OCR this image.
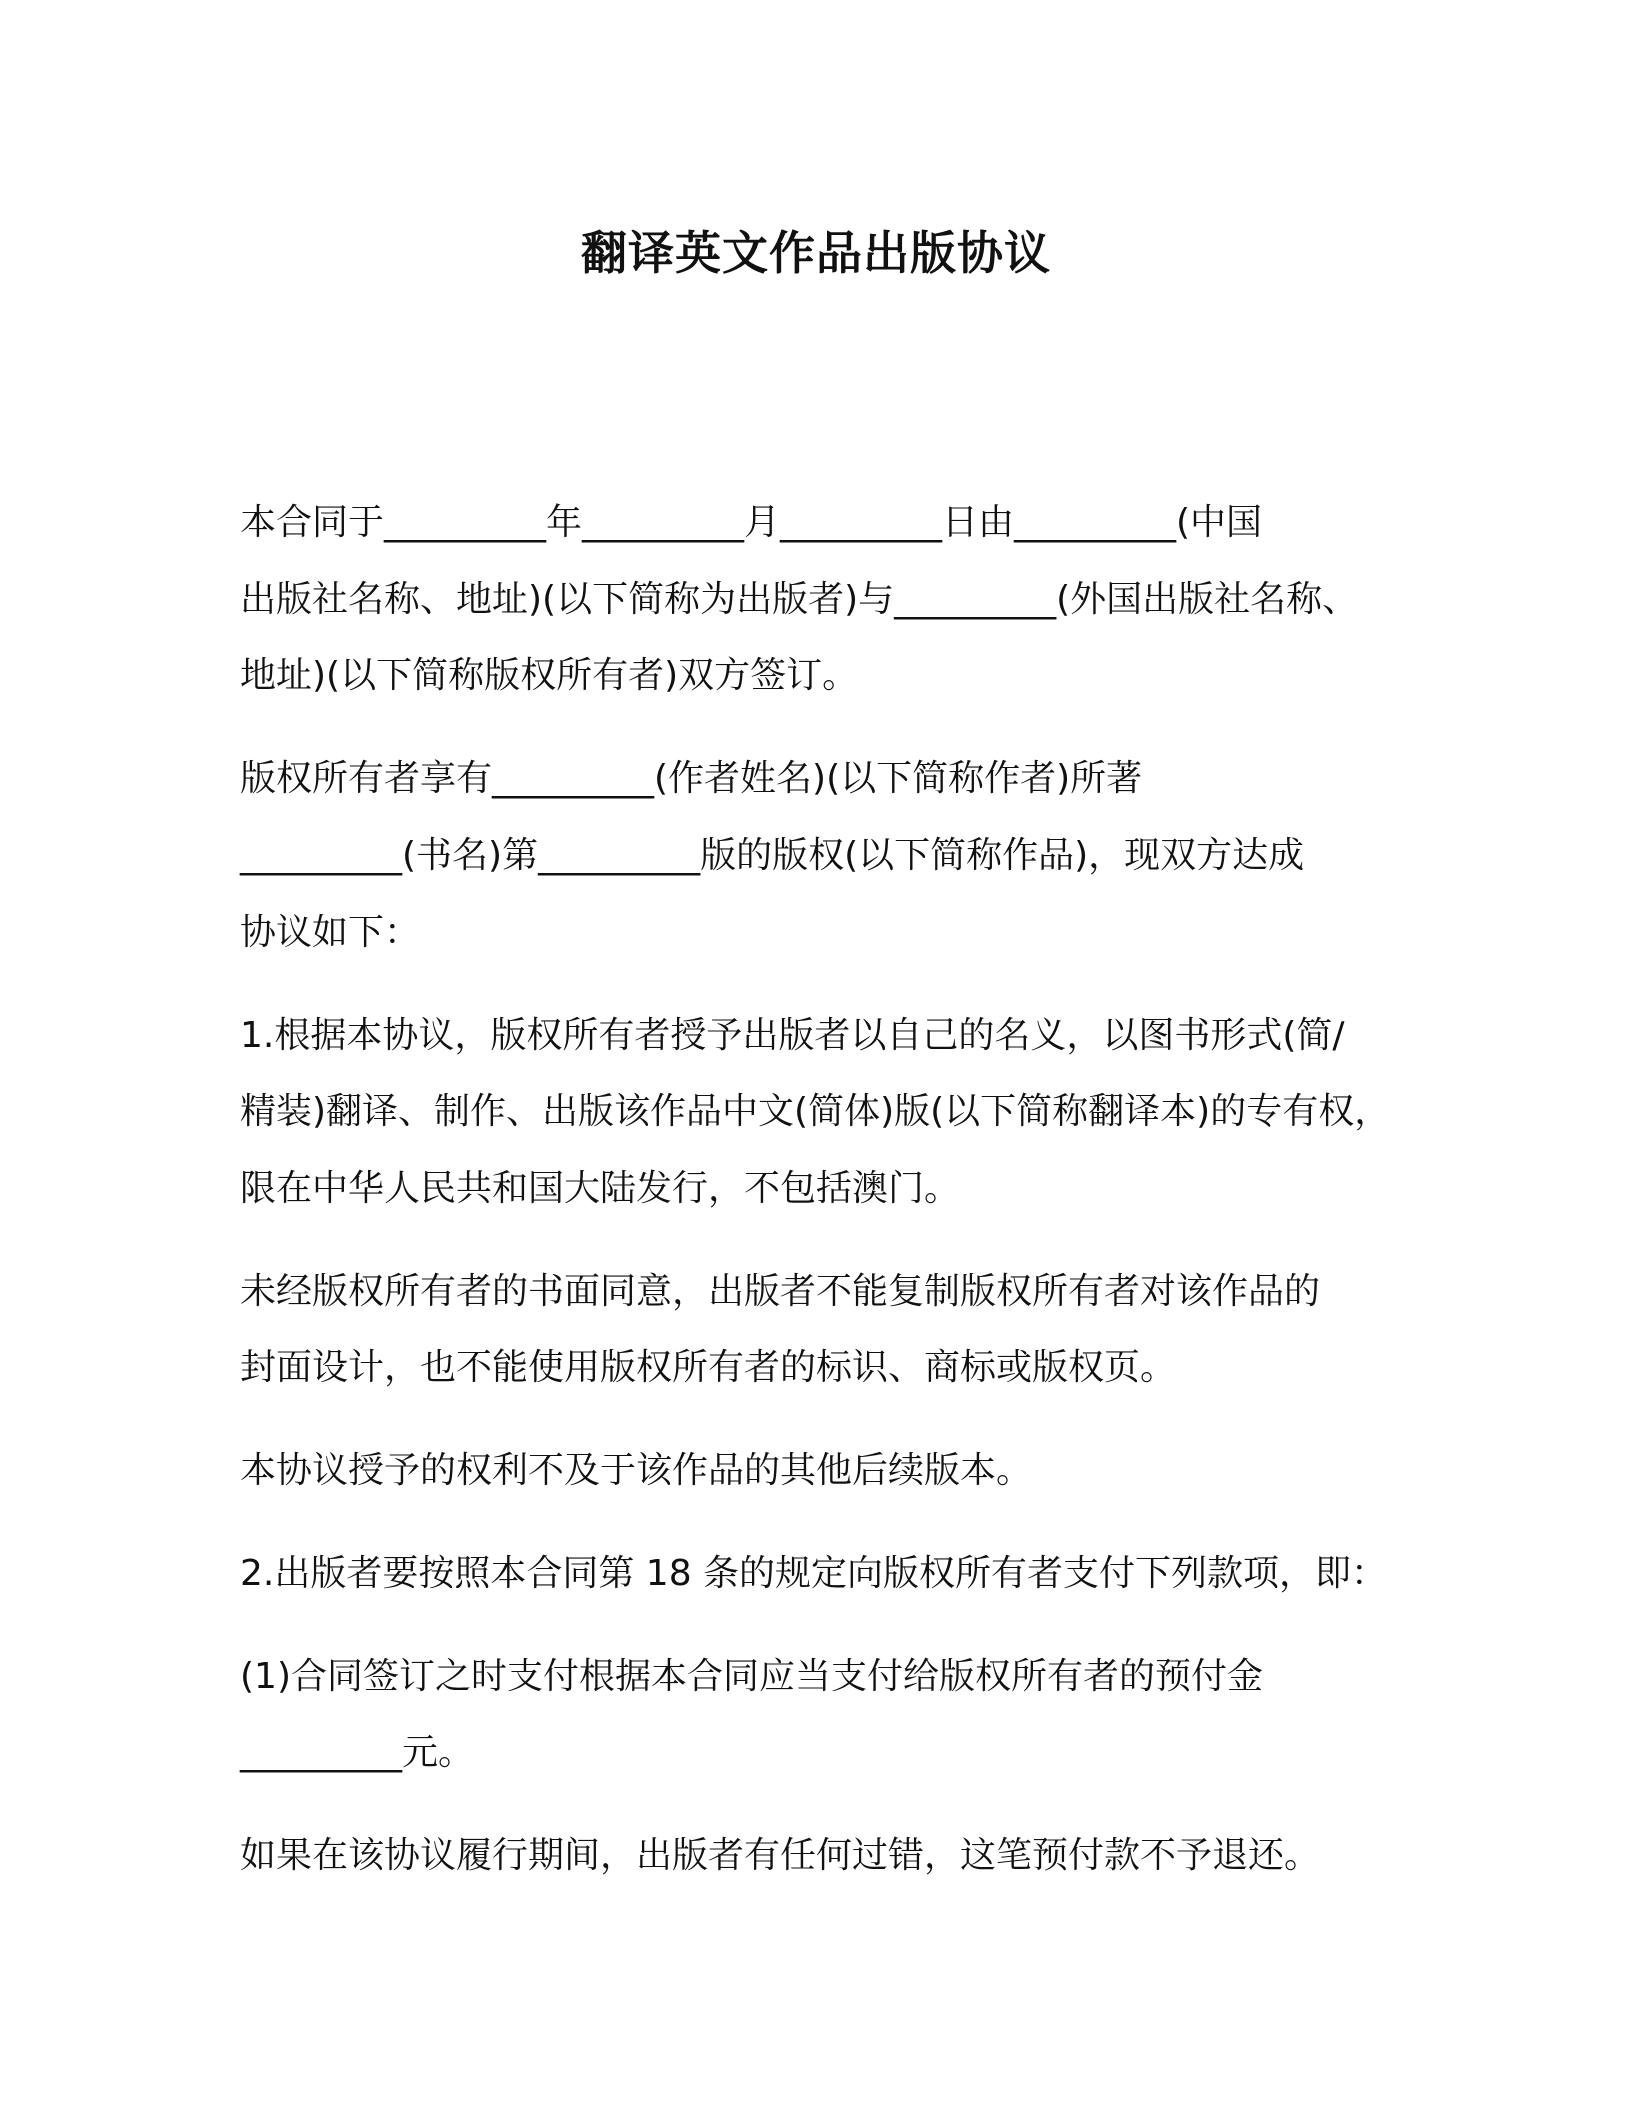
翻译英文作品出版协议
本合同于_________年_________月_________日由_________(中国
出版社名称、地址)(以下简称为出版者)与_________(外国出版社名称、
地址)(以下简称版权所有者)双方签订。
版权所有者享有_________(作者姓名)(以下简称作者)所著
_________(书名)第_________版的版权(以下简称作品)，现双方达成
协议如下：
1.根据本协议，版权所有者授予出版者以自己的名义，以图书形式(简/
精装)翻译、制作、出版该作品中文(简体)版(以下简称翻译本)的专有权，
限在中华人民共和国大陆发行，不包括澳门。
未经版权所有者的书面同意，出版者不能复制版权所有者对该作品的
封面设计，也不能使用版权所有者的标识、商标或版权页。
本协议授予的权利不及于该作品的其他后续版本。
2.出版者要按照本合同第 18 条的规定向版权所有者支付下列款项，即：
(1)合同签订之时支付根据本合同应当支付给版权所有者的预付金
_________元。
如果在该协议履行期间，出版者有任何过错，这笔预付款不予退还。
